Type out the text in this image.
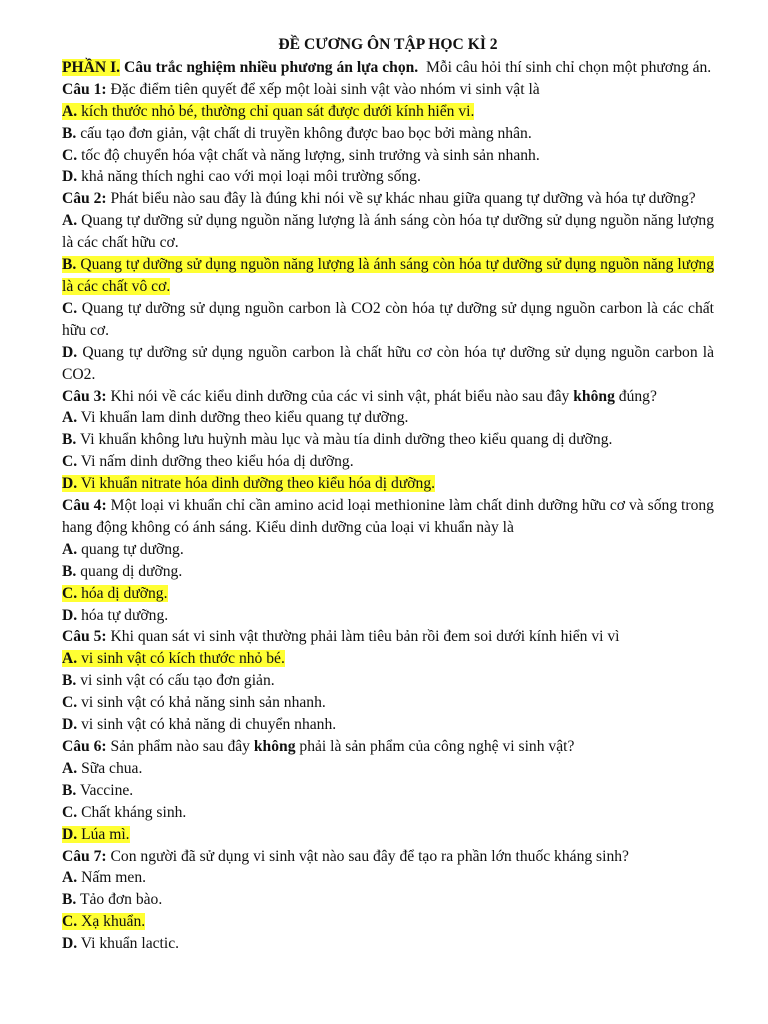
ĐỀ CƯƠNG ÔN TẬP HỌC KÌ 2

PHẦN I. Câu trắc nghiệm nhiều phương án lựa chọn. Mỗi câu hỏi thí sinh chỉ chọn một phương án.

Câu 1: Đặc điểm tiên quyết để xếp một loài sinh vật vào nhóm vi sinh vật là

A. kích thước nhỏ bé, thường chỉ quan sát được dưới kính hiển vi.

B. cấu tạo đơn giản, vật chất di truyền không được bao bọc bởi màng nhân.

C. tốc độ chuyển hóa vật chất và năng lượng, sinh trưởng và sinh sản nhanh.

D. khả năng thích nghi cao với mọi loại môi trường sống.

Câu 2: Phát biểu nào sau đây là đúng khi nói về sự khác nhau giữa quang tự dưỡng và hóa tự dưỡng?

A. Quang tự dưỡng sử dụng nguồn năng lượng là ánh sáng còn hóa tự dưỡng sử dụng nguồn năng lượng là các chất hữu cơ.

B. Quang tự dưỡng sử dụng nguồn năng lượng là ánh sáng còn hóa tự dưỡng sử dụng nguồn năng lượng là các chất vô cơ.

C. Quang tự dưỡng sử dụng nguồn carbon là CO2 còn hóa tự dưỡng sử dụng nguồn carbon là các chất hữu cơ.

D. Quang tự dưỡng sử dụng nguồn carbon là chất hữu cơ còn hóa tự dưỡng sử dụng nguồn carbon là CO2.

Câu 3: Khi nói về các kiểu dinh dưỡng của các vi sinh vật, phát biểu nào sau đây không đúng?

A. Vi khuẩn lam dinh dưỡng theo kiểu quang tự dưỡng.

B. Vi khuẩn không lưu huỳnh màu lục và màu tía dinh dưỡng theo kiểu quang dị dưỡng.

C. Vi nấm dinh dưỡng theo kiểu hóa dị dưỡng.

D. Vi khuẩn nitrate hóa dinh dưỡng theo kiểu hóa dị dưỡng.

Câu 4: Một loại vi khuẩn chỉ cần amino acid loại methionine làm chất dinh dưỡng hữu cơ và sống trong hang động không có ánh sáng. Kiểu dinh dưỡng của loại vi khuẩn này là

A. quang tự dưỡng.

B. quang dị dưỡng.

C. hóa dị dưỡng.

D. hóa tự dưỡng.

Câu 5: Khi quan sát vi sinh vật thường phải làm tiêu bản rồi đem soi dưới kính hiển vi vì

A. vi sinh vật có kích thước nhỏ bé.

B. vi sinh vật có cấu tạo đơn giản.

C. vi sinh vật có khả năng sinh sản nhanh.

D. vi sinh vật có khả năng di chuyển nhanh.

Câu 6: Sản phẩm nào sau đây không phải là sản phẩm của công nghệ vi sinh vật?

A. Sữa chua.

B. Vaccine.

C. Chất kháng sinh.

D. Lúa mì.

Câu 7: Con người đã sử dụng vi sinh vật nào sau đây để tạo ra phần lớn thuốc kháng sinh?

A. Nấm men.

B. Tảo đơn bào.

C. Xạ khuẩn.

D. Vi khuẩn lactic.
